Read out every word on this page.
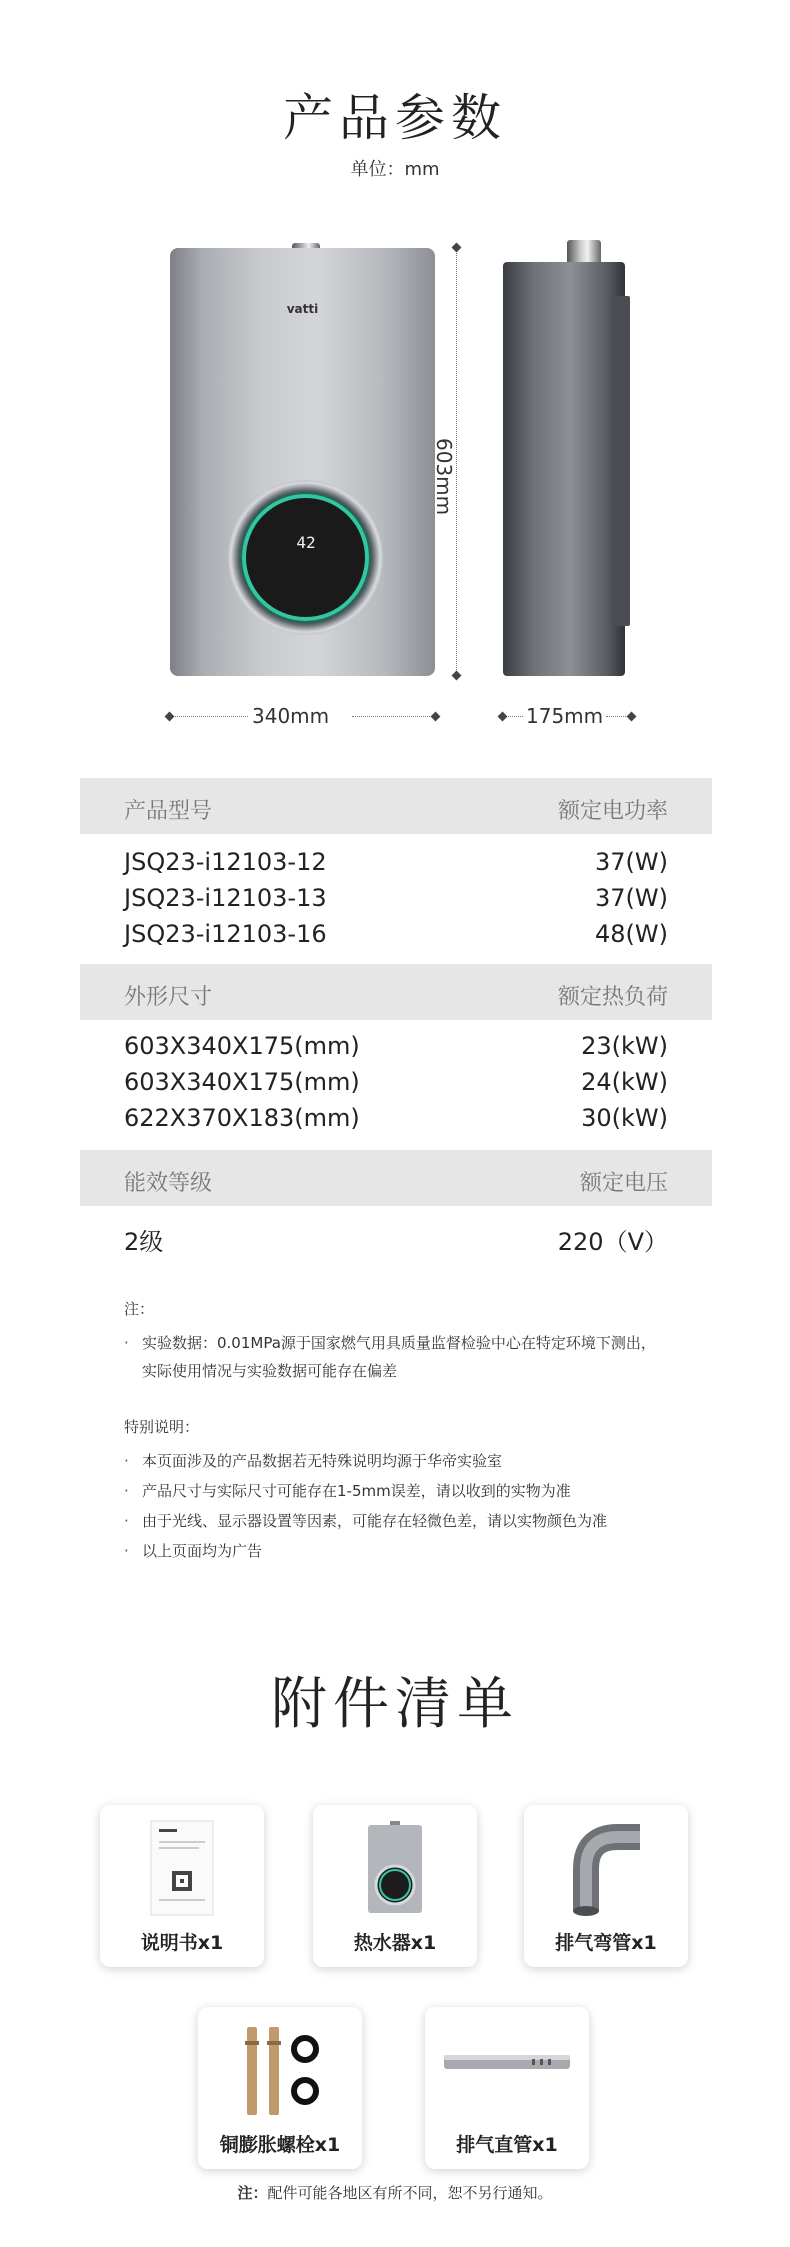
产品参数
单位：mm
vatti
42
603mm
340mm	175mm
产品型号	额定电功率
JSQ23-i12103-12	37(W)
JSQ23-i12103-13	37(W)
JSQ23-i12103-16	48(W)
外形尺寸	额定热负荷
603X340X175(mm)	23(kW)
603X340X175(mm)	24(kW)
622X370X183(mm)	30(kW)
能效等级	额定电压
2级	220（V）
注：
· 实验数据：0.01MPa源于国家燃气用具质量监督检验中心在特定环境下测出，
实际使用情况与实验数据可能存在偏差
特别说明：
· 本页面涉及的产品数据若无特殊说明均源于华帝实验室
· 产品尺寸与实际尺寸可能存在1-5mm误差，请以收到的实物为准
· 由于光线、显示器设置等因素，可能存在轻微色差，请以实物颜色为准
· 以上页面均为广告
附件清单
说明书x1	热水器x1	排气弯管x1
铜膨胀螺栓x1	排气直管x1
注：配件可能各地区有所不同，恕不另行通知。
